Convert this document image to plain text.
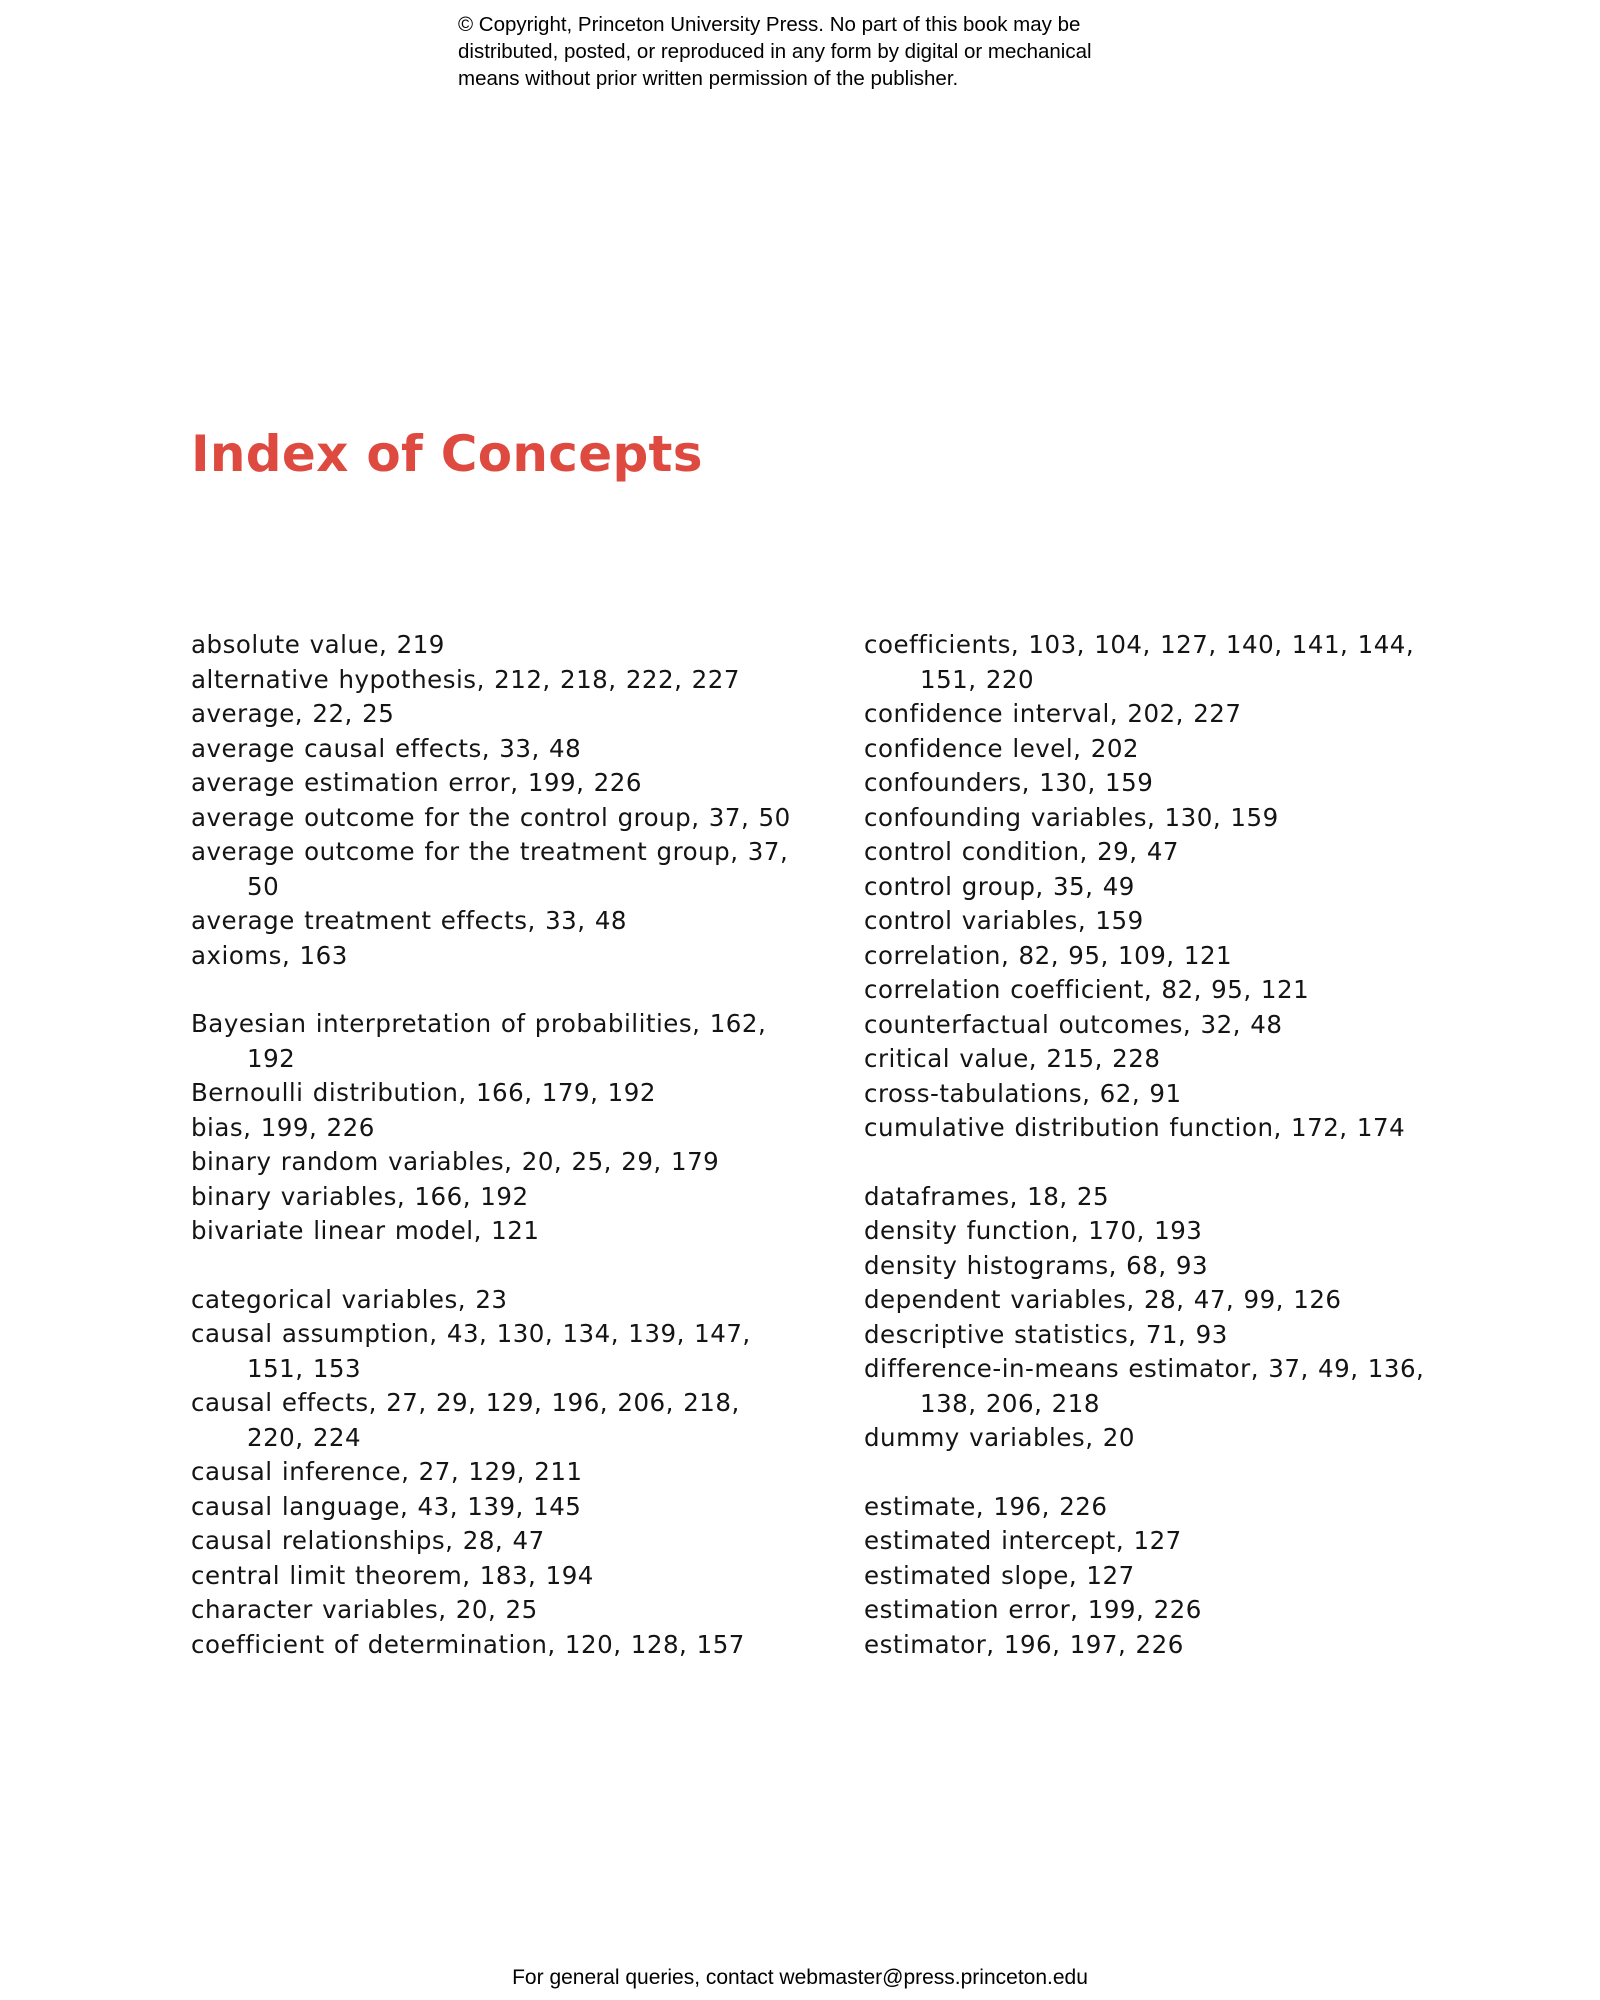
© Copyright, Princeton University Press. No part of this book may be
distributed, posted, or reproduced in any form by digital or mechanical
means without prior written permission of the publisher.
Index of Concepts
absolute value, 219
alternative hypothesis, 212, 218, 222, 227
average, 22, 25
average causal effects, 33, 48
average estimation error, 199, 226
average outcome for the control group, 37, 50
average outcome for the treatment group, 37, 50
average treatment effects, 33, 48
axioms, 163
Bayesian interpretation of probabilities, 162, 192
Bernoulli distribution, 166, 179, 192
bias, 199, 226
binary random variables, 20, 25, 29, 179
binary variables, 166, 192
bivariate linear model, 121
categorical variables, 23
causal assumption, 43, 130, 134, 139, 147, 151, 153
causal effects, 27, 29, 129, 196, 206, 218, 220, 224
causal inference, 27, 129, 211
causal language, 43, 139, 145
causal relationships, 28, 47
central limit theorem, 183, 194
character variables, 20, 25
coefficient of determination, 120, 128, 157
coefficients, 103, 104, 127, 140, 141, 144, 151, 220
confidence interval, 202, 227
confidence level, 202
confounders, 130, 159
confounding variables, 130, 159
control condition, 29, 47
control group, 35, 49
control variables, 159
correlation, 82, 95, 109, 121
correlation coefficient, 82, 95, 121
counterfactual outcomes, 32, 48
critical value, 215, 228
cross-tabulations, 62, 91
cumulative distribution function, 172, 174
dataframes, 18, 25
density function, 170, 193
density histograms, 68, 93
dependent variables, 28, 47, 99, 126
descriptive statistics, 71, 93
difference-in-means estimator, 37, 49, 136, 138, 206, 218
dummy variables, 20
estimate, 196, 226
estimated intercept, 127
estimated slope, 127
estimation error, 199, 226
estimator, 196, 197, 226
For general queries, contact webmaster@press.princeton.edu
